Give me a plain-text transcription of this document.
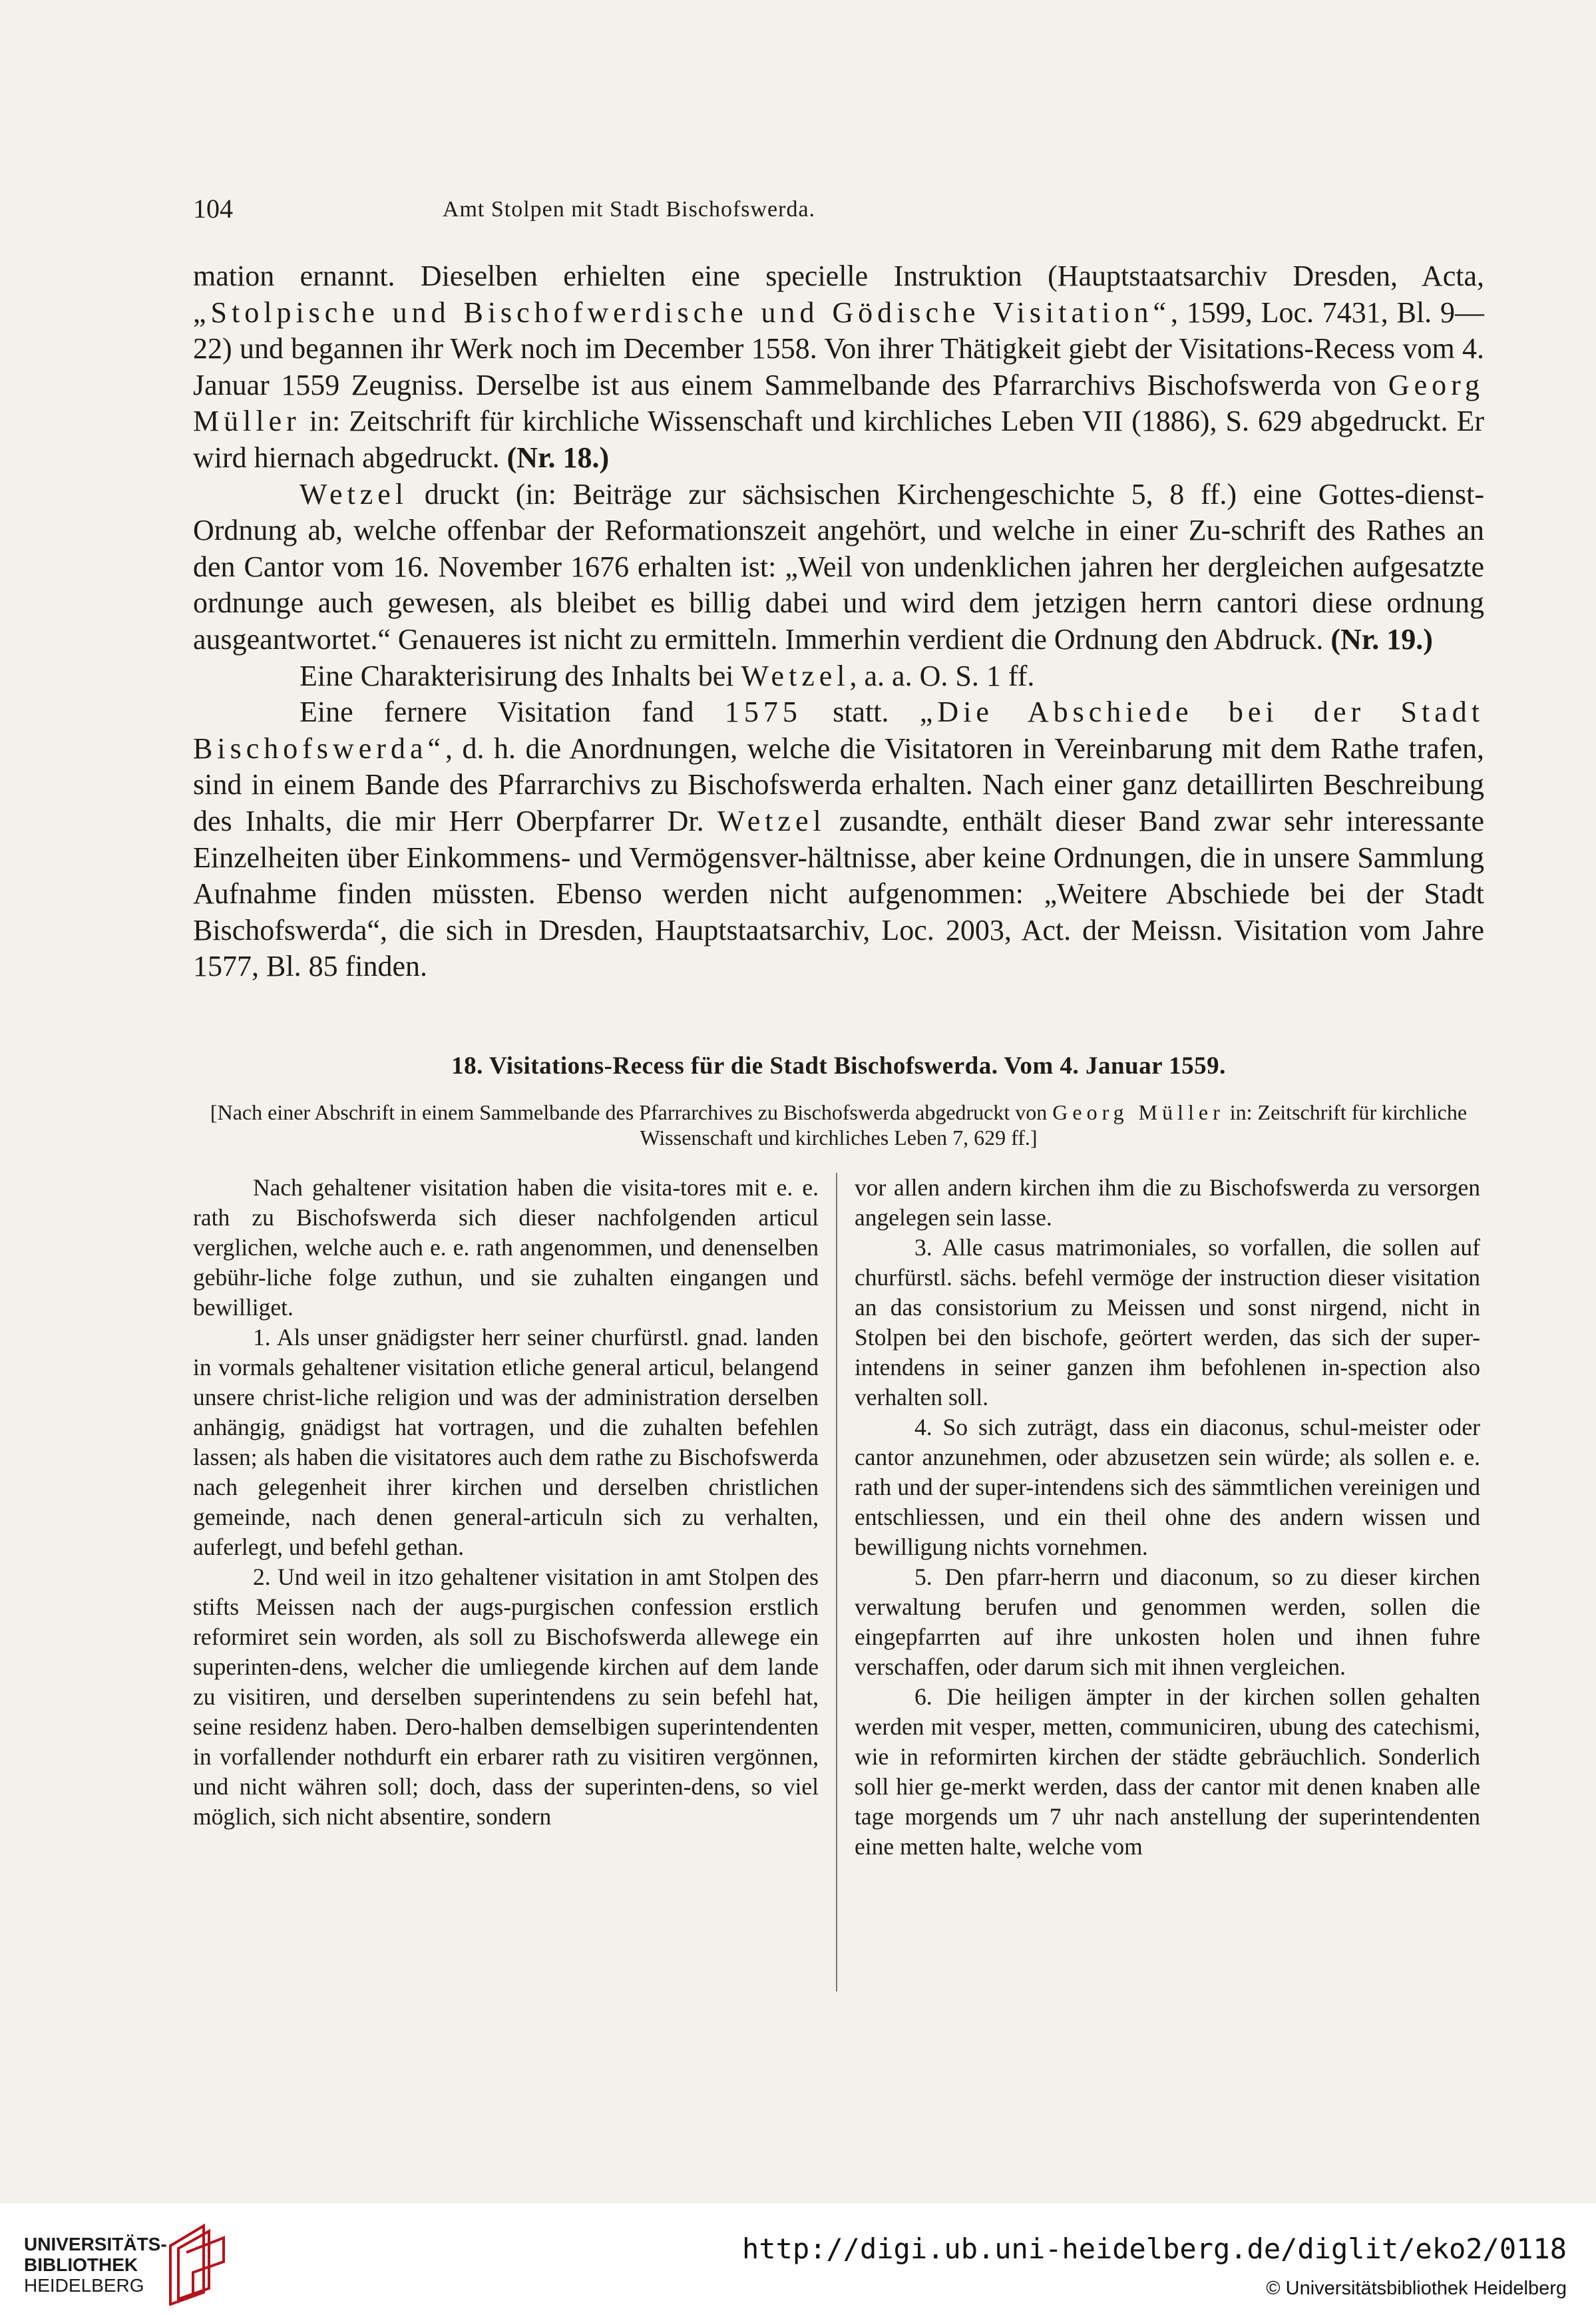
104	Amt Stolpen mit Stadt Bischofswerda.

mation ernannt. Dieselben erhielten eine specielle Instruktion (Hauptstaatsarchiv Dresden, Acta, „Stolpische und Bischofwerdische und Gödische Visitation“, 1599, Loc. 7431, Bl. 9—22) und begannen ihr Werk noch im December 1558. Von ihrer Thätigkeit giebt der Visitations-Recess vom 4. Januar 1559 Zeugniss. Derselbe ist aus einem Sammelbande des Pfarrarchivs Bischofswerda von Georg Müller in: Zeitschrift für kirchliche Wissenschaft und kirchliches Leben VII (1886), S. 629 abgedruckt. Er wird hiernach abgedruckt. (Nr. 18.)

Wetzel druckt (in: Beiträge zur sächsischen Kirchengeschichte 5, 8 ff.) eine Gottes-dienst-Ordnung ab, welche offenbar der Reformationszeit angehört, und welche in einer Zu-schrift des Rathes an den Cantor vom 16. November 1676 erhalten ist: „Weil von undenklichen jahren her dergleichen aufgesatzte ordnunge auch gewesen, als bleibet es billig dabei und wird dem jetzigen herrn cantori diese ordnung ausgeantwortet.“ Genaueres ist nicht zu ermitteln. Immerhin verdient die Ordnung den Abdruck. (Nr. 19.)

Eine Charakterisirung des Inhalts bei Wetzel, a. a. O. S. 1 ff.

Eine fernere Visitation fand 1575 statt. „Die Abschiede bei der Stadt Bischofswerda“, d. h. die Anordnungen, welche die Visitatoren in Vereinbarung mit dem Rathe trafen, sind in einem Bande des Pfarrarchivs zu Bischofswerda erhalten. Nach einer ganz detaillirten Beschreibung des Inhalts, die mir Herr Oberpfarrer Dr. Wetzel zusandte, enthält dieser Band zwar sehr interessante Einzelheiten über Einkommens- und Vermögensver-hältnisse, aber keine Ordnungen, die in unsere Sammlung Aufnahme finden müssten. Ebenso werden nicht aufgenommen: „Weitere Abschiede bei der Stadt Bischofswerda“, die sich in Dresden, Hauptstaatsarchiv, Loc. 2003, Act. der Meissn. Visitation vom Jahre 1577, Bl. 85 finden.

18. Visitations-Recess für die Stadt Bischofswerda. Vom 4. Januar 1559.
[Nach einer Abschrift in einem Sammelbande des Pfarrarchives zu Bischofswerda abgedruckt von Georg Müller in: Zeitschrift für kirchliche Wissenschaft und kirchliches Leben 7, 629 ff.]

Nach gehaltener visitation haben die visita-tores mit e. e. rath zu Bischofswerda sich dieser nachfolgenden articul verglichen, welche auch e. e. rath angenommen, und denenselben gebühr-liche folge zuthun, und sie zuhalten eingangen und bewilliget.

1. Als unser gnädigster herr seiner churfürstl. gnad. landen in vormals gehaltener visitation etliche general articul, belangend unsere christ-liche religion und was der administration derselben anhängig, gnädigst hat vortragen, und die zuhalten befehlen lassen; als haben die visitatores auch dem rathe zu Bischofswerda nach gelegenheit ihrer kirchen und derselben christlichen gemeinde, nach denen general-articuln sich zu verhalten, auferlegt, und befehl gethan.

2. Und weil in itzo gehaltener visitation in amt Stolpen des stifts Meissen nach der augs-purgischen confession erstlich reformiret sein worden, als soll zu Bischofswerda allewege ein superinten-dens, welcher die umliegende kirchen auf dem lande zu visitiren, und derselben superintendens zu sein befehl hat, seine residenz haben. Dero-halben demselbigen superintendenten in vorfallender nothdurft ein erbarer rath zu visitiren vergönnen, und nicht währen soll; doch, dass der superinten-dens, so viel möglich, sich nicht absentire, sondern

vor allen andern kirchen ihm die zu Bischofswerda zu versorgen angelegen sein lasse.

3. Alle casus matrimoniales, so vorfallen, die sollen auf churfürstl. sächs. befehl vermöge der instruction dieser visitation an das consistorium zu Meissen und sonst nirgend, nicht in Stolpen bei den bischofe, geörtert werden, das sich der super-intendens in seiner ganzen ihm befohlenen in-spection also verhalten soll.

4. So sich zuträgt, dass ein diaconus, schul-meister oder cantor anzunehmen, oder abzusetzen sein würde; als sollen e. e. rath und der super-intendens sich des sämmtlichen vereinigen und entschliessen, und ein theil ohne des andern wissen und bewilligung nichts vornehmen.

5. Den pfarr-herrn und diaconum, so zu dieser kirchen verwaltung berufen und genommen werden, sollen die eingepfarrten auf ihre unkosten holen und ihnen fuhre verschaffen, oder darum sich mit ihnen vergleichen.

6. Die heiligen ämpter in der kirchen sollen gehalten werden mit vesper, metten, communiciren, ubung des catechismi, wie in reformirten kirchen der städte gebräuchlich. Sonderlich soll hier ge-merkt werden, dass der cantor mit denen knaben alle tage morgends um 7 uhr nach anstellung der superintendenten eine metten halte, welche vom

UNIVERSITÄTS-
BIBLIOTHEK
HEIDELBERG
http://digi.ub.uni-heidelberg.de/diglit/eko2/0118
© Universitätsbibliothek Heidelberg
